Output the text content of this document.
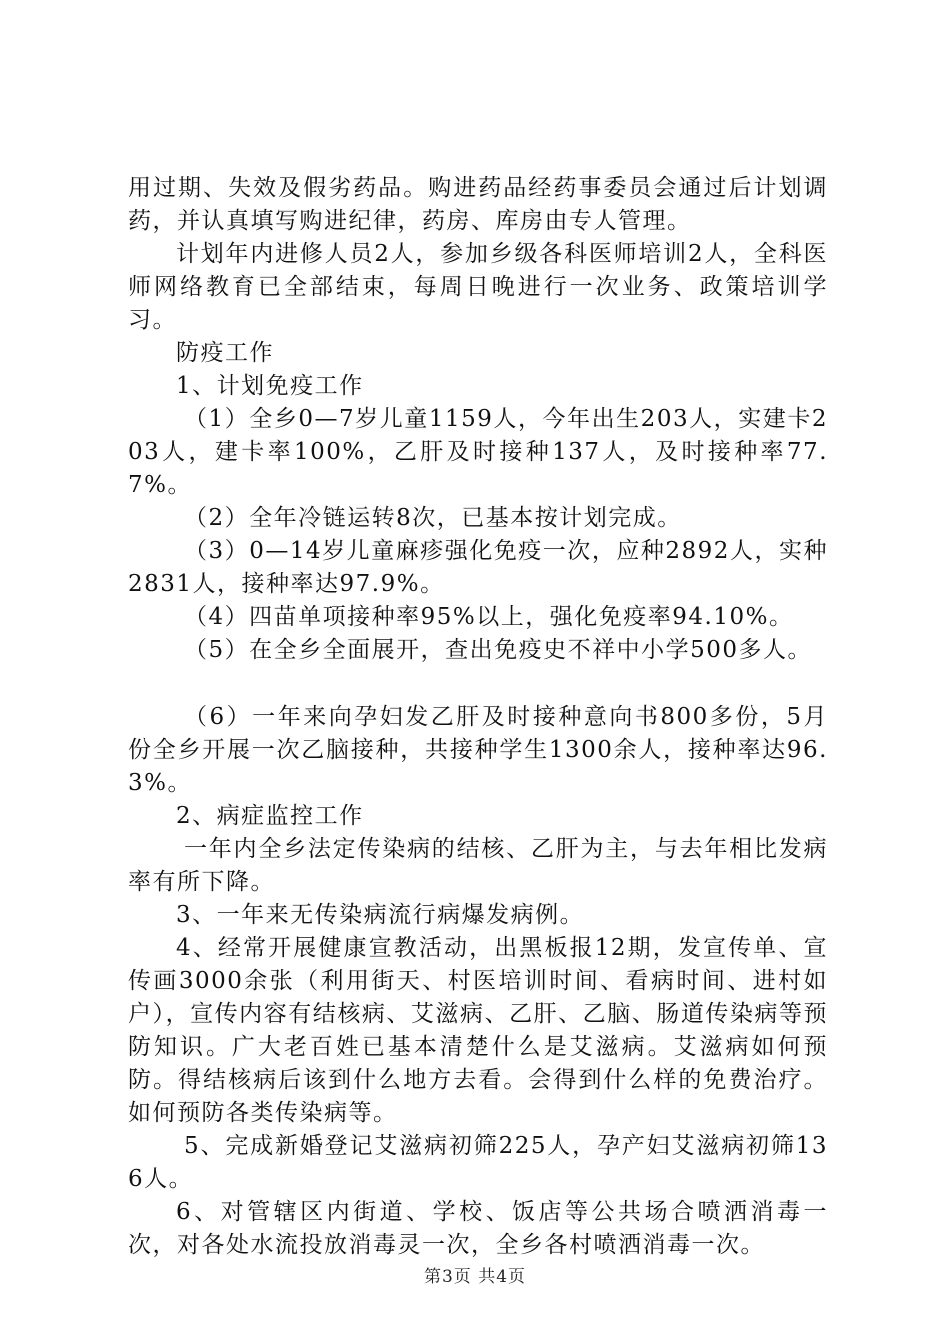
用过期、失效及假劣药品。购进药品经药事委员会通过后计划调药，并认真填写购进纪律，药房、库房由专人管理。

计划年内进修人员2人，参加乡级各科医师培训2人，全科医师网络教育已全部结束，每周日晚进行一次业务、政策培训学习。

防疫工作

1、计划免疫工作

（1）全乡0—7岁儿童1159人，今年出生203人，实建卡203人，建卡率100%，乙肝及时接种137人，及时接种率77.7%。

（2）全年冷链运转8次，已基本按计划完成。

（3）0—14岁儿童麻疹强化免疫一次，应种2892人，实种2831人，接种率达97.9%。

（4）四苗单项接种率95%以上，强化免疫率94.10%。

（5）在全乡全面展开，查出免疫史不祥中小学500多人。

（6）一年来向孕妇发乙肝及时接种意向书800多份，5月份全乡开展一次乙脑接种，共接种学生1300余人，接种率达96.3%。

2、病症监控工作

一年内全乡法定传染病的结核、乙肝为主，与去年相比发病率有所下降。

3、一年来无传染病流行病爆发病例。

4、经常开展健康宣教活动，出黑板报12期，发宣传单、宣传画3000余张（利用街天、村医培训时间、看病时间、进村如户），宣传内容有结核病、艾滋病、乙肝、乙脑、肠道传染病等预防知识。广大老百姓已基本清楚什么是艾滋病。艾滋病如何预防。得结核病后该到什么地方去看。会得到什么样的免费治疗。如何预防各类传染病等。

5、完成新婚登记艾滋病初筛225人，孕产妇艾滋病初筛136人。

6、对管辖区内街道、学校、饭店等公共场合喷洒消毒一次，对各处水流投放消毒灵一次，全乡各村喷洒消毒一次。

第3页 共4页
